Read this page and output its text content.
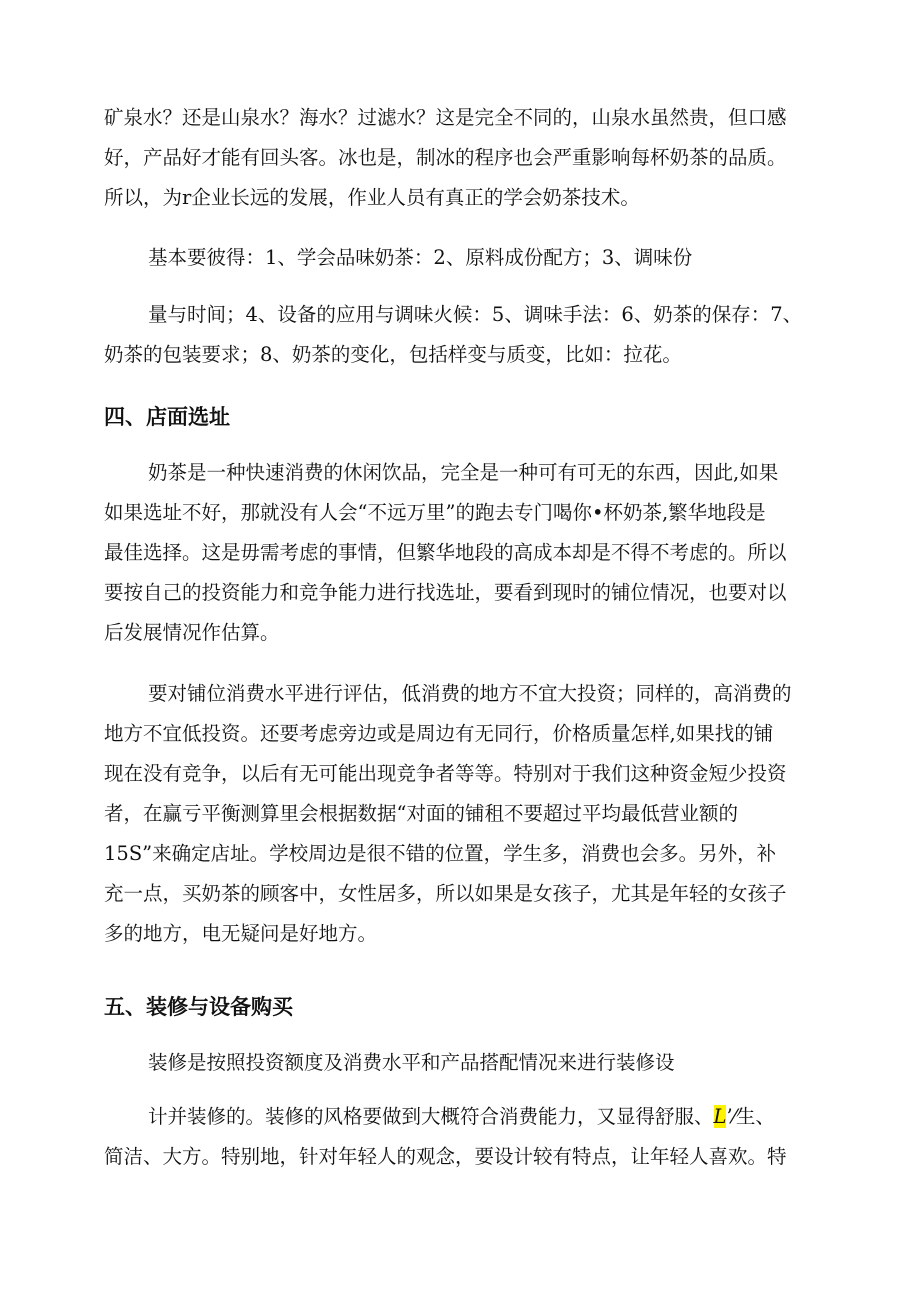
矿泉水？还是山泉水？海水？过滤水？这是完全不同的，山泉水虽然贵，但口感
好，产品好才能有回头客。冰也是，制冰的程序也会严重影响每杯奶茶的品质。
所以，为r企业长远的发展，作业人员有真正的学会奶茶技术。
基本要彼得：1、学会品味奶茶：2、原料成份配方；3、调味份
量与时间；4、设备的应用与调味火候：5、调味手法：6、奶茶的保存：7、
奶茶的包装要求；8、奶茶的变化，包括样变与质变，比如：拉花。
四、店面选址
奶茶是一种快速消费的休闲饮品，完全是一种可有可无的东西，因此,如果
如果选址不好，那就没有人会“不远万里”的跑去专门喝你•杯奶茶,繁华地段是
最佳选择。这是毋需考虑的事情，但繁华地段的高成本却是不得不考虑的。所以
要按自己的投资能力和竞争能力进行找选址，要看到现时的铺位情况，也要对以
后发展情况作估算。
要对铺位消费水平进行评估，低消费的地方不宜大投资；同样的，高消费的
地方不宜低投资。还要考虑旁边或是周边有无同行，价格质量怎样,如果找的铺
现在没有竞争，以后有无可能出现竞争者等等。特别对于我们这种资金短少投资
者，在赢亏平衡测算里会根据数据“对面的铺租不要超过平均最低营业额的
15S”来确定店址。学校周边是很不错的位置，学生多，消费也会多。另外，补
充一点，买奶茶的顾客中，女性居多，所以如果是女孩子，尤其是年轻的女孩子
多的地方，电无疑问是好地方。
五、装修与设备购买
装修是按照投资额度及消费水平和产品搭配情况来进行装修设
计并装修的。装修的风格要做到大概符合消费能力，又显得舒服、L’⁄生、
简洁、大方。特别地，针对年轻人的观念，要设计较有特点，让年轻人喜欢。特
